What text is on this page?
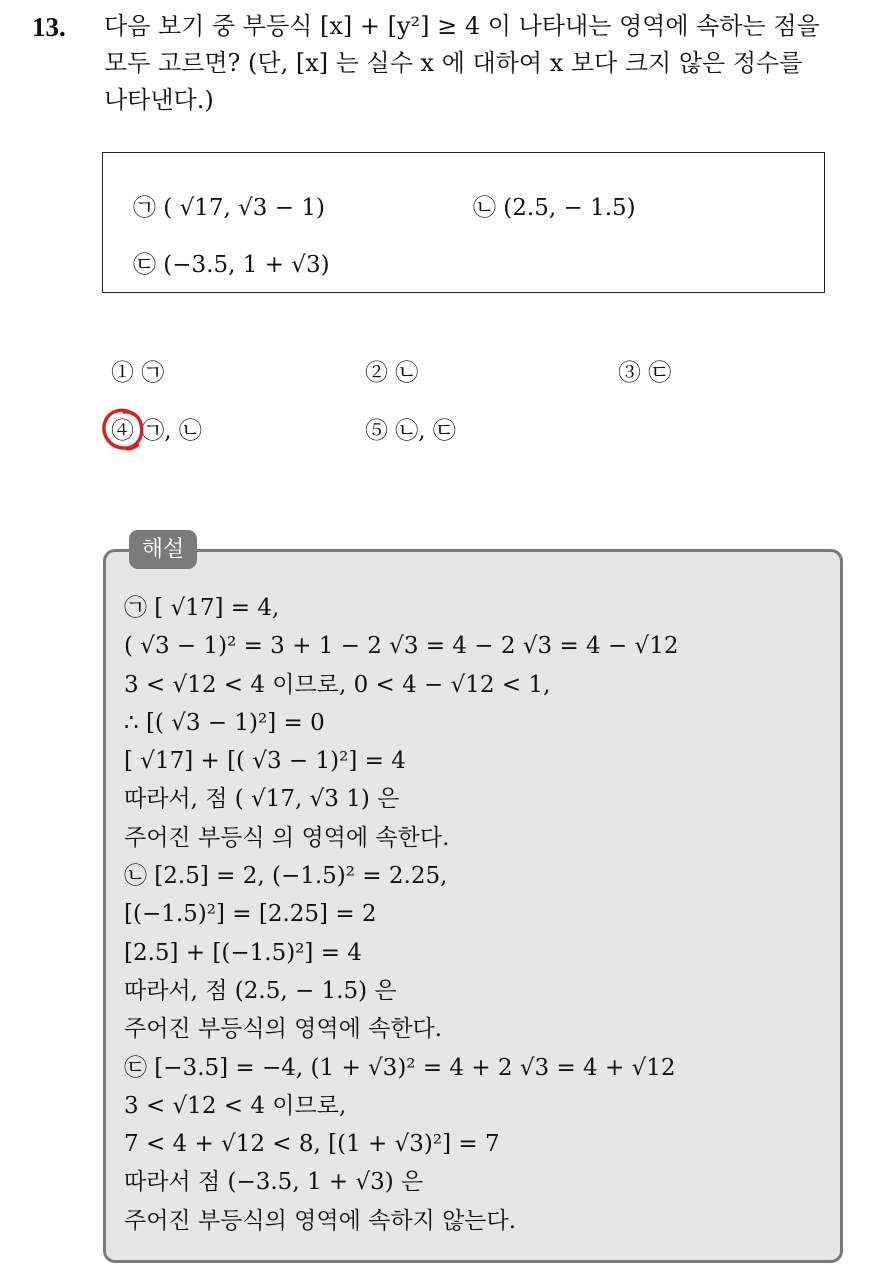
13. 다음 보기 중 부등식 [x] + [y²] ≥ 4 이 나타내는 영역에 속하는 점을
모두 고르면? (단, [x] 는 실수 x 에 대하여 x 보다 크지 않은 정수를
나타낸다.)
㉠ ( √17, √3 − 1)	㉡ (2.5, − 1.5)
㉢ (−3.5, 1 + √3)
① ㉠	② ㉡	③ ㉢
④ ㉠, ㉡	⑤ ㉡, ㉢
해설
㉠ [ √17] = 4,
( √3 − 1)² = 3 + 1 − 2 √3 = 4 − 2 √3 = 4 − √12
3 < √12 < 4 이므로, 0 < 4 − √12 < 1,
∴ [( √3 − 1)²] = 0
[ √17] + [( √3 − 1)²] = 4
따라서, 점 ( √17, √3 1) 은
주어진 부등식 의 영역에 속한다.
㉡ [2.5] = 2, (−1.5)² = 2.25,
[(−1.5)²] = [2.25] = 2
[2.5] + [(−1.5)²] = 4
따라서, 점 (2.5, − 1.5) 은
주어진 부등식의 영역에 속한다.
㉢ [−3.5] = −4, (1 + √3)² = 4 + 2 √3 = 4 + √12
3 < √12 < 4 이므로,
7 < 4 + √12 < 8, [(1 + √3)²] = 7
따라서 점 (−3.5, 1 + √3) 은
주어진 부등식의 영역에 속하지 않는다.
